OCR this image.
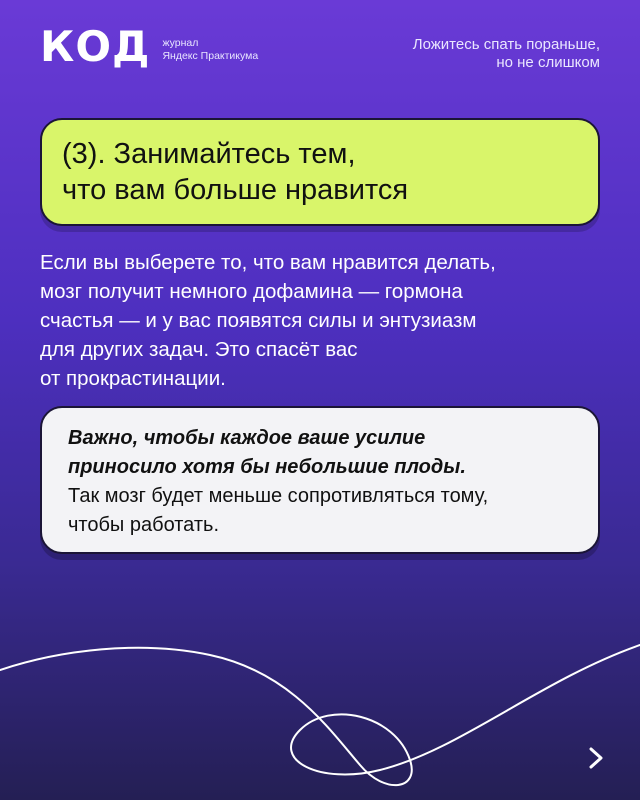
КОД журнал
Яндекс Практикума
Ложитесь спать пораньше,
но не слишком
(3). Занимайтесь тем,
что вам больше нравится
Если вы выберете то, что вам нравится делать,
мозг получит немного дофамина — гормона
счастья — и у вас появятся силы и энтузиазм
для других задач. Это спасёт вас
от прокрастинации.
Важно, чтобы каждое ваше усилие
приносило хотя бы небольшие плоды.
Так мозг будет меньше сопротивляться тому,
чтобы работать.
